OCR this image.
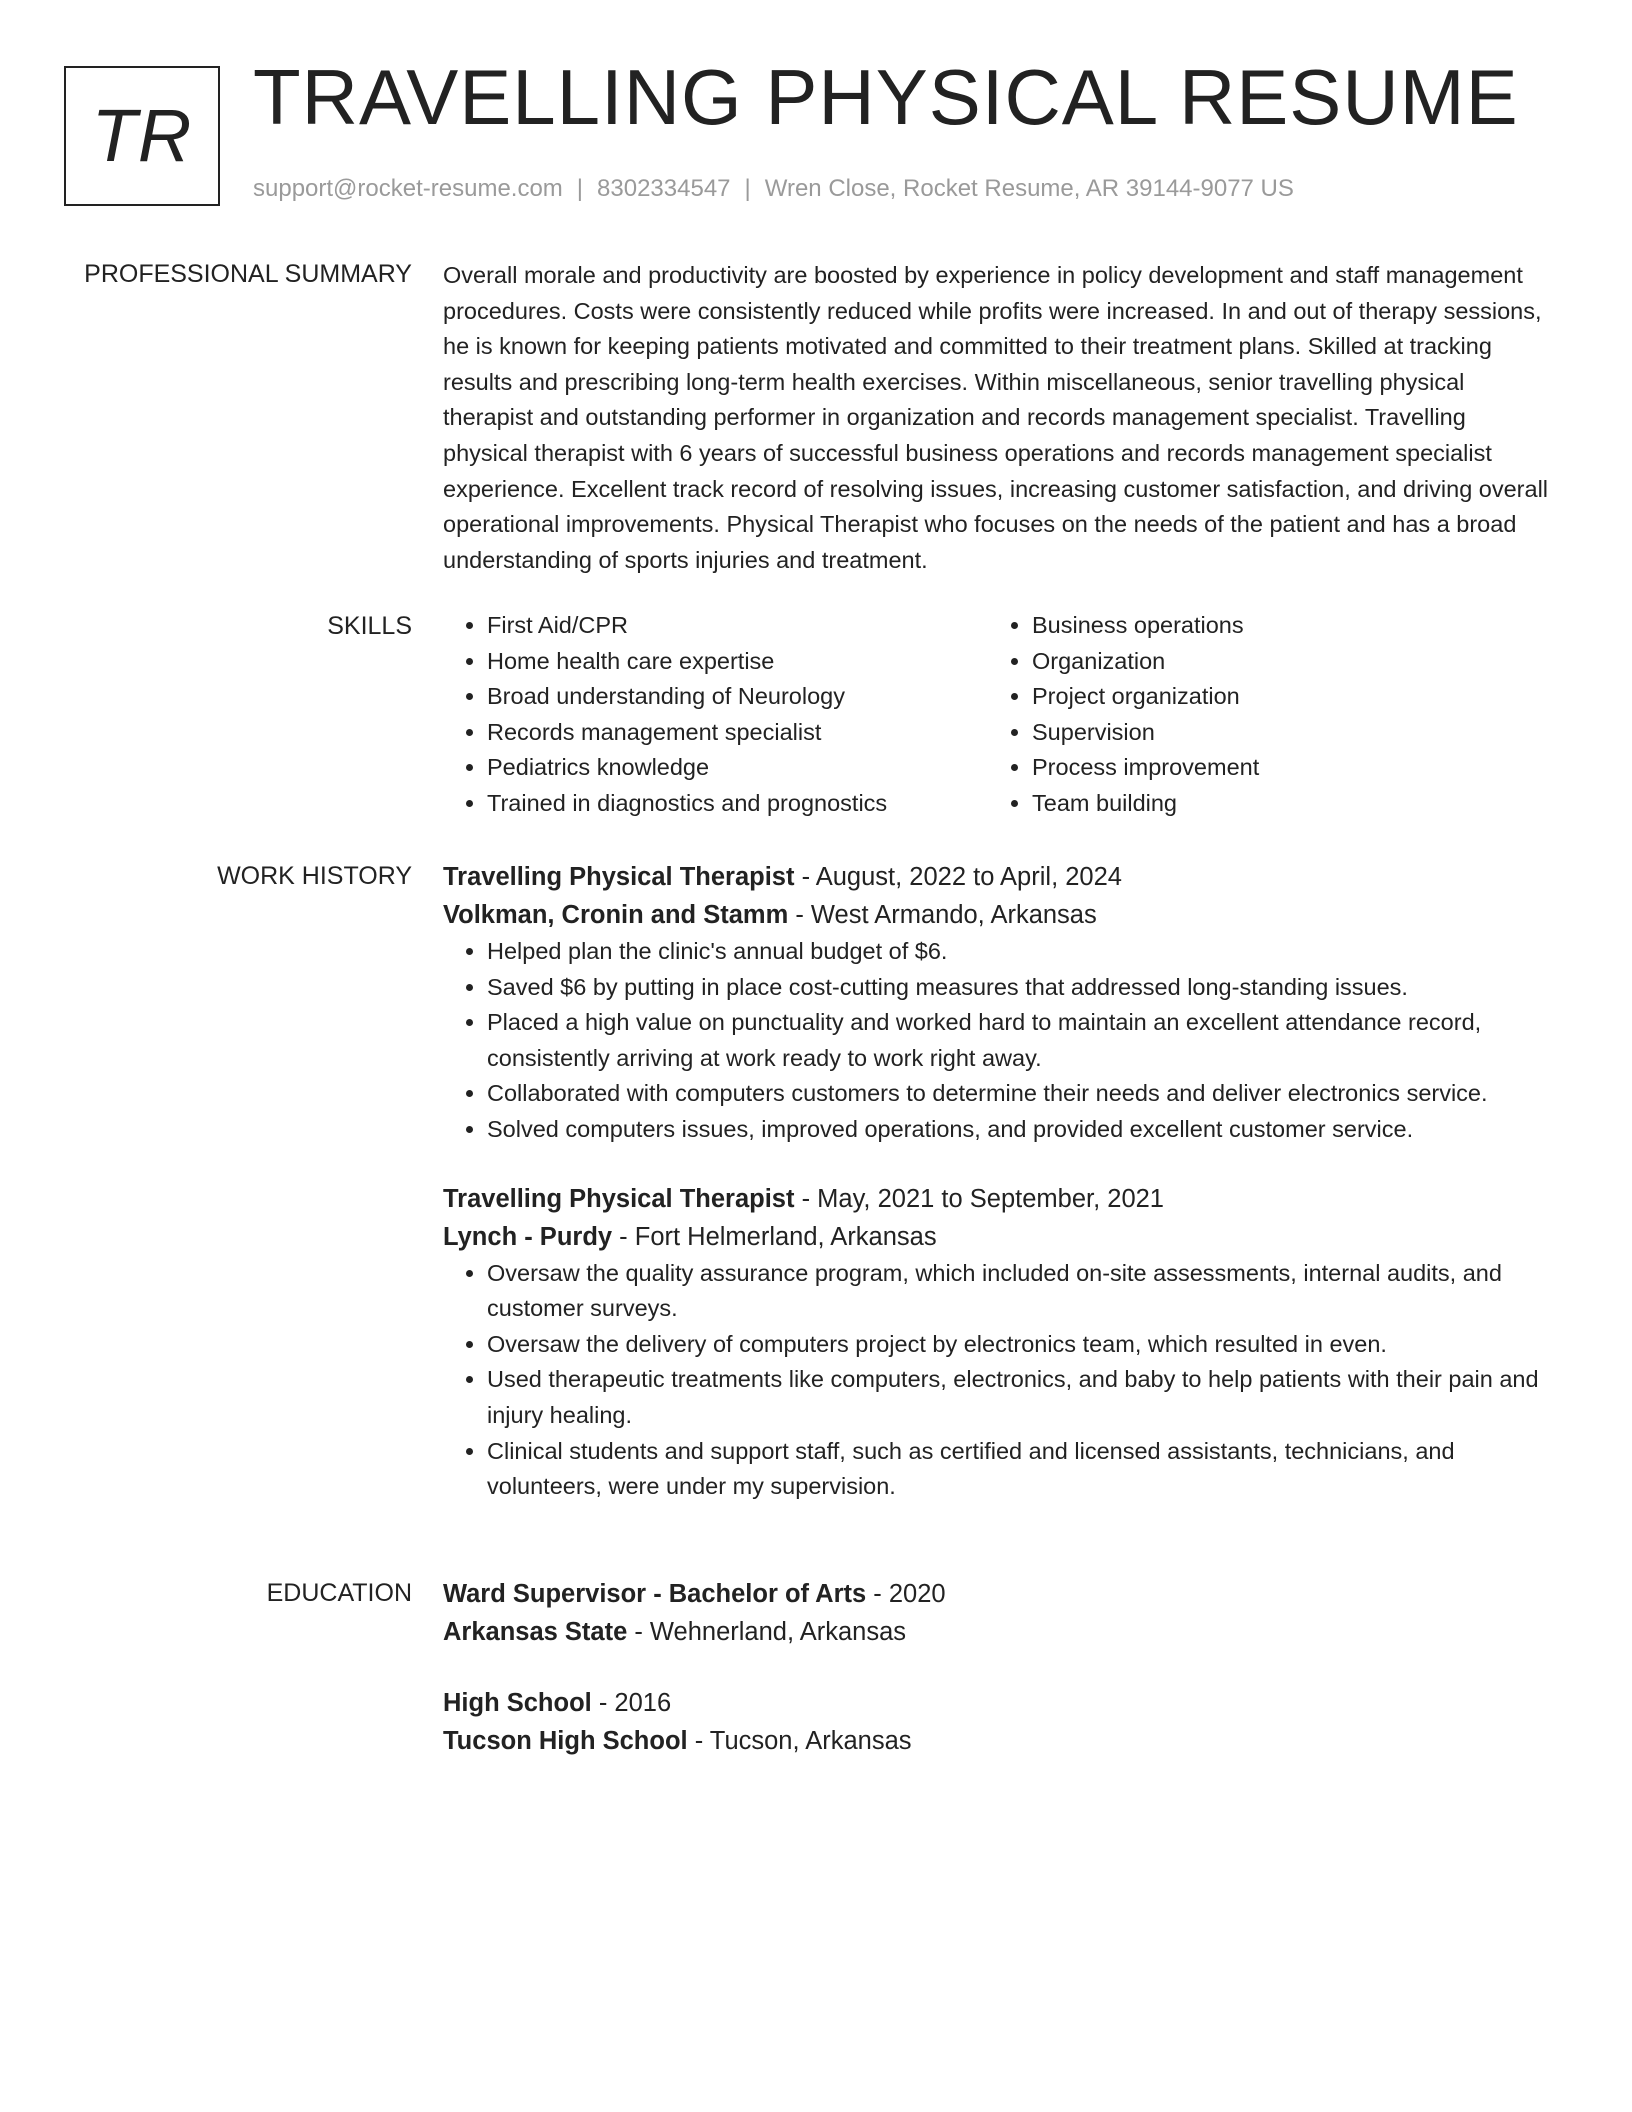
TR TRAVELLING PHYSICAL RESUME
support@rocket-resume.com | 8302334547 | Wren Close, Rocket Resume, AR 39144-9077 US
PROFESSIONAL SUMMARY Overall morale and productivity are boosted by experience in policy development and staff management procedures. Costs were consistently reduced while profits were increased. In and out of therapy sessions, he is known for keeping patients motivated and committed to their treatment plans. Skilled at tracking results and prescribing long-term health exercises. Within miscellaneous, senior travelling physical therapist and outstanding performer in organization and records management specialist. Travelling physical therapist with 6 years of successful business operations and records management specialist experience. Excellent track record of resolving issues, increasing customer satisfaction, and driving overall operational improvements. Physical Therapist who focuses on the needs of the patient and has a broad understanding of sports injuries and treatment.

SKILLS
•	First Aid/CPR
• Home health care expertise
• Broad understanding of Neurology
• Records management specialist
• Pediatrics knowledge
• Trained in diagnostics and prognostics
• Business operations
• Organization
• Project organization
• Supervision
• Process improvement
• Team building
WORK HISTORY Travelling Physical Therapist - August, 2022 to April, 2024
Volkman, Cronin and Stamm - West Armando, Arkansas
• Helped plan the clinic's annual budget of $6.
• Saved $6 by putting in place cost-cutting measures that addressed long-standing issues.
• Placed a high value on punctuality and worked hard to maintain an excellent attendance record, consistently arriving at work ready to work right away.
• Collaborated with computers customers to determine their needs and deliver electronics service.
• Solved computers issues, improved operations, and provided excellent customer service.
Travelling Physical Therapist - May, 2021 to September, 2021
Lynch - Purdy - Fort Helmerland, Arkansas
• Oversaw the quality assurance program, which included on-site assessments, internal audits, and customer surveys.
• Oversaw the delivery of computers project by electronics team, which resulted in even.
• Used therapeutic treatments like computers, electronics, and baby to help patients with their pain and injury healing.
• Clinical students and support staff, such as certified and licensed assistants, technicians, and volunteers, were under my supervision.
EDUCATION Ward Supervisor - Bachelor of Arts - 2020
Arkansas State - Wehnerland, Arkansas
High School - 2016
Tucson High School - Tucson, Arkansas
